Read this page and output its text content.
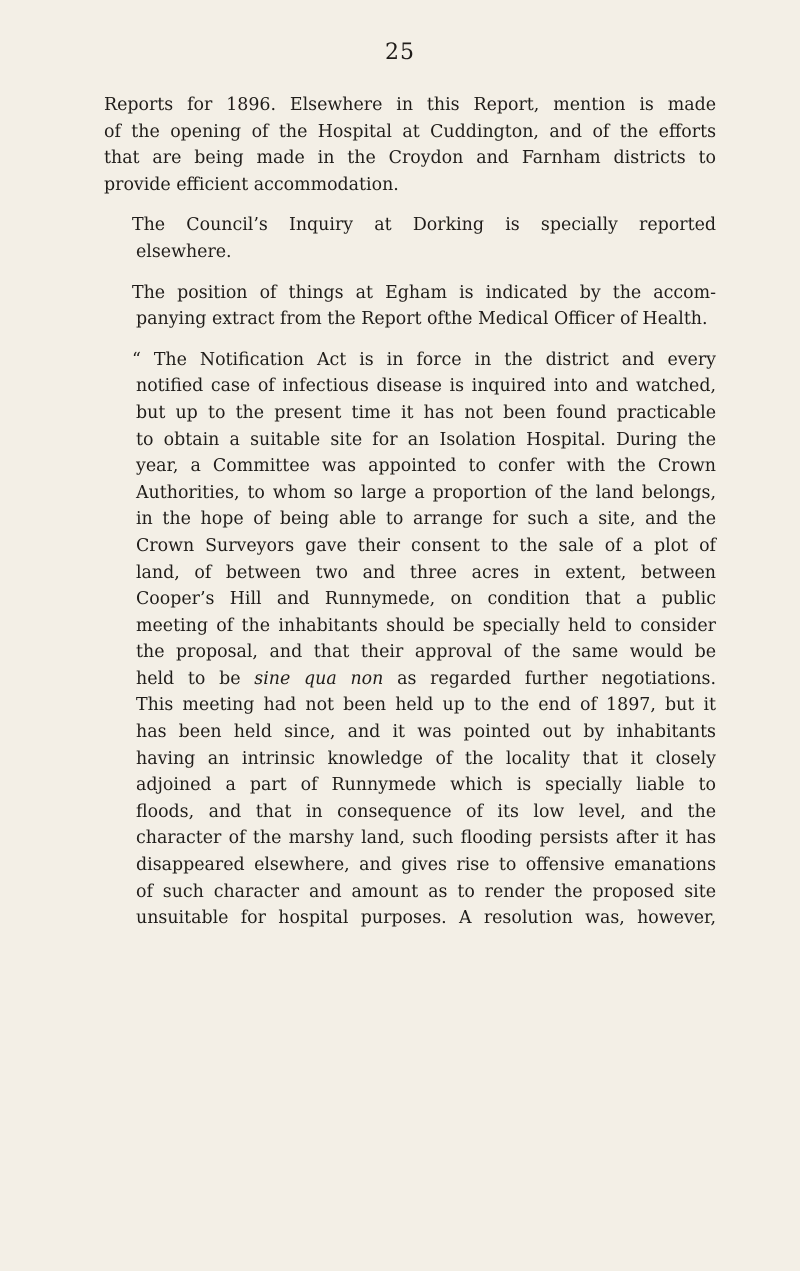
25

Reports for 1896. Elsewhere in this Report, mention is made
of the opening of the Hospital at Cuddington, and of the efforts
that are being made in the Croydon and Farnham districts to
provide efficient accommodation.

The Council’s Inquiry at Dorking is specially reported
elsewhere.

The position of things at Egham is indicated by the accom-
panying extract from the Report ofthe Medical Officer of Health.

“ The Notification Act is in force in the district and every
notified case of infectious disease is inquired into and watched,
but up to the present time it has not been found practicable
to obtain a suitable site for an Isolation Hospital. During the
year, a Committee was appointed to confer with the Crown
Authorities, to whom so large a proportion of the land belongs,
in the hope of being able to arrange for such a site, and the
Crown Surveyors gave their consent to the sale of a plot of
land, of between two and three acres in extent, between
Cooper’s Hill and Runnymede, on condition that a public
meeting of the inhabitants should be specially held to consider
the proposal, and that their approval of the same would be
held to be sine qua non as regarded further negotiations.
This meeting had not been held up to the end of 1897, but it
has been held since, and it was pointed out by inhabitants
having an intrinsic knowledge of the locality that it closely
adjoined a part of Runnymede which is specially liable to
floods, and that in consequence of its low level, and the
character of the marshy land, such flooding persists after it has
disappeared elsewhere, and gives rise to offensive emanations
of such character and amount as to render the proposed site
unsuitable for hospital purposes. A resolution was, however,
